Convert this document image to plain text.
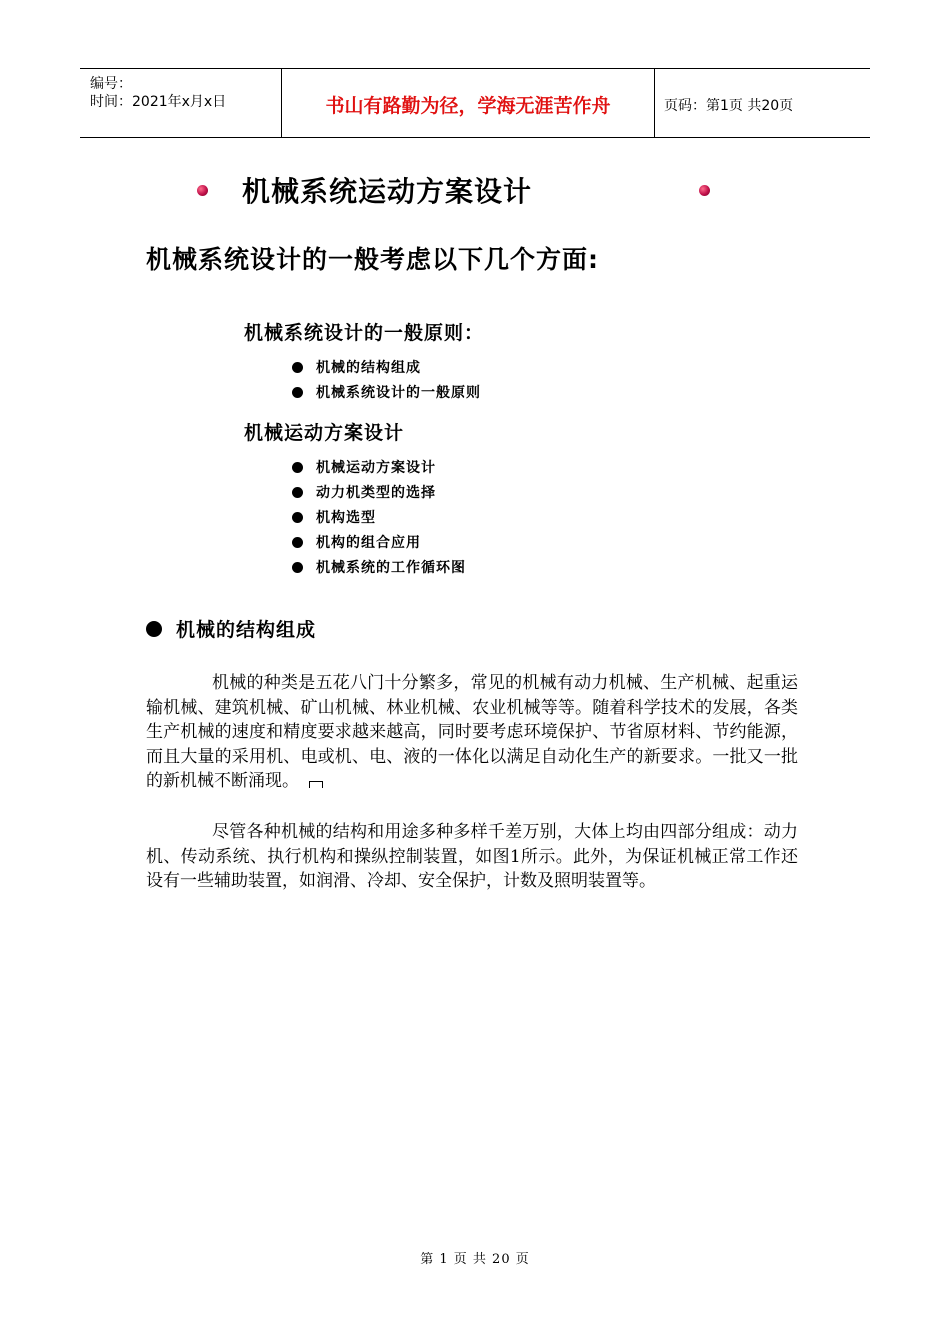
编号：
时间：2021年x月x日	书山有路勤为径，学海无涯苦作舟	页码：第1页 共20页
机械系统运动方案设计
机械系统设计的一般考虑以下几个方面:
机械系统设计的一般原则：
机械的结构组成
机械系统设计的一般原则
机械运动方案设计
机械运动方案设计
动力机类型的选择
机构选型
机构的组合应用
机械系统的工作循环图
机械的结构组成

机械的种类是五花八门十分繁多，常见的机械有动力机械、生产机械、起重运输机械、建筑机械、矿山机械、林业机械、农业机械等等。随着科学技术的发展，各类生产机械的速度和精度要求越来越高，同时要考虑环境保护、节省原材料、节约能源，而且大量的采用机、电或机、电、液的一体化以满足自动化生产的新要求。一批又一批的新机械不断涌现。

尽管各种机械的结构和用途多种多样千差万别，大体上均由四部分组成：动力机、传动系统、执行机构和操纵控制装置，如图1所示。此外，为保证机械正常工作还设有一些辅助装置，如润滑、冷却、安全保护，计数及照明装置等。

第 1 页 共 20 页
